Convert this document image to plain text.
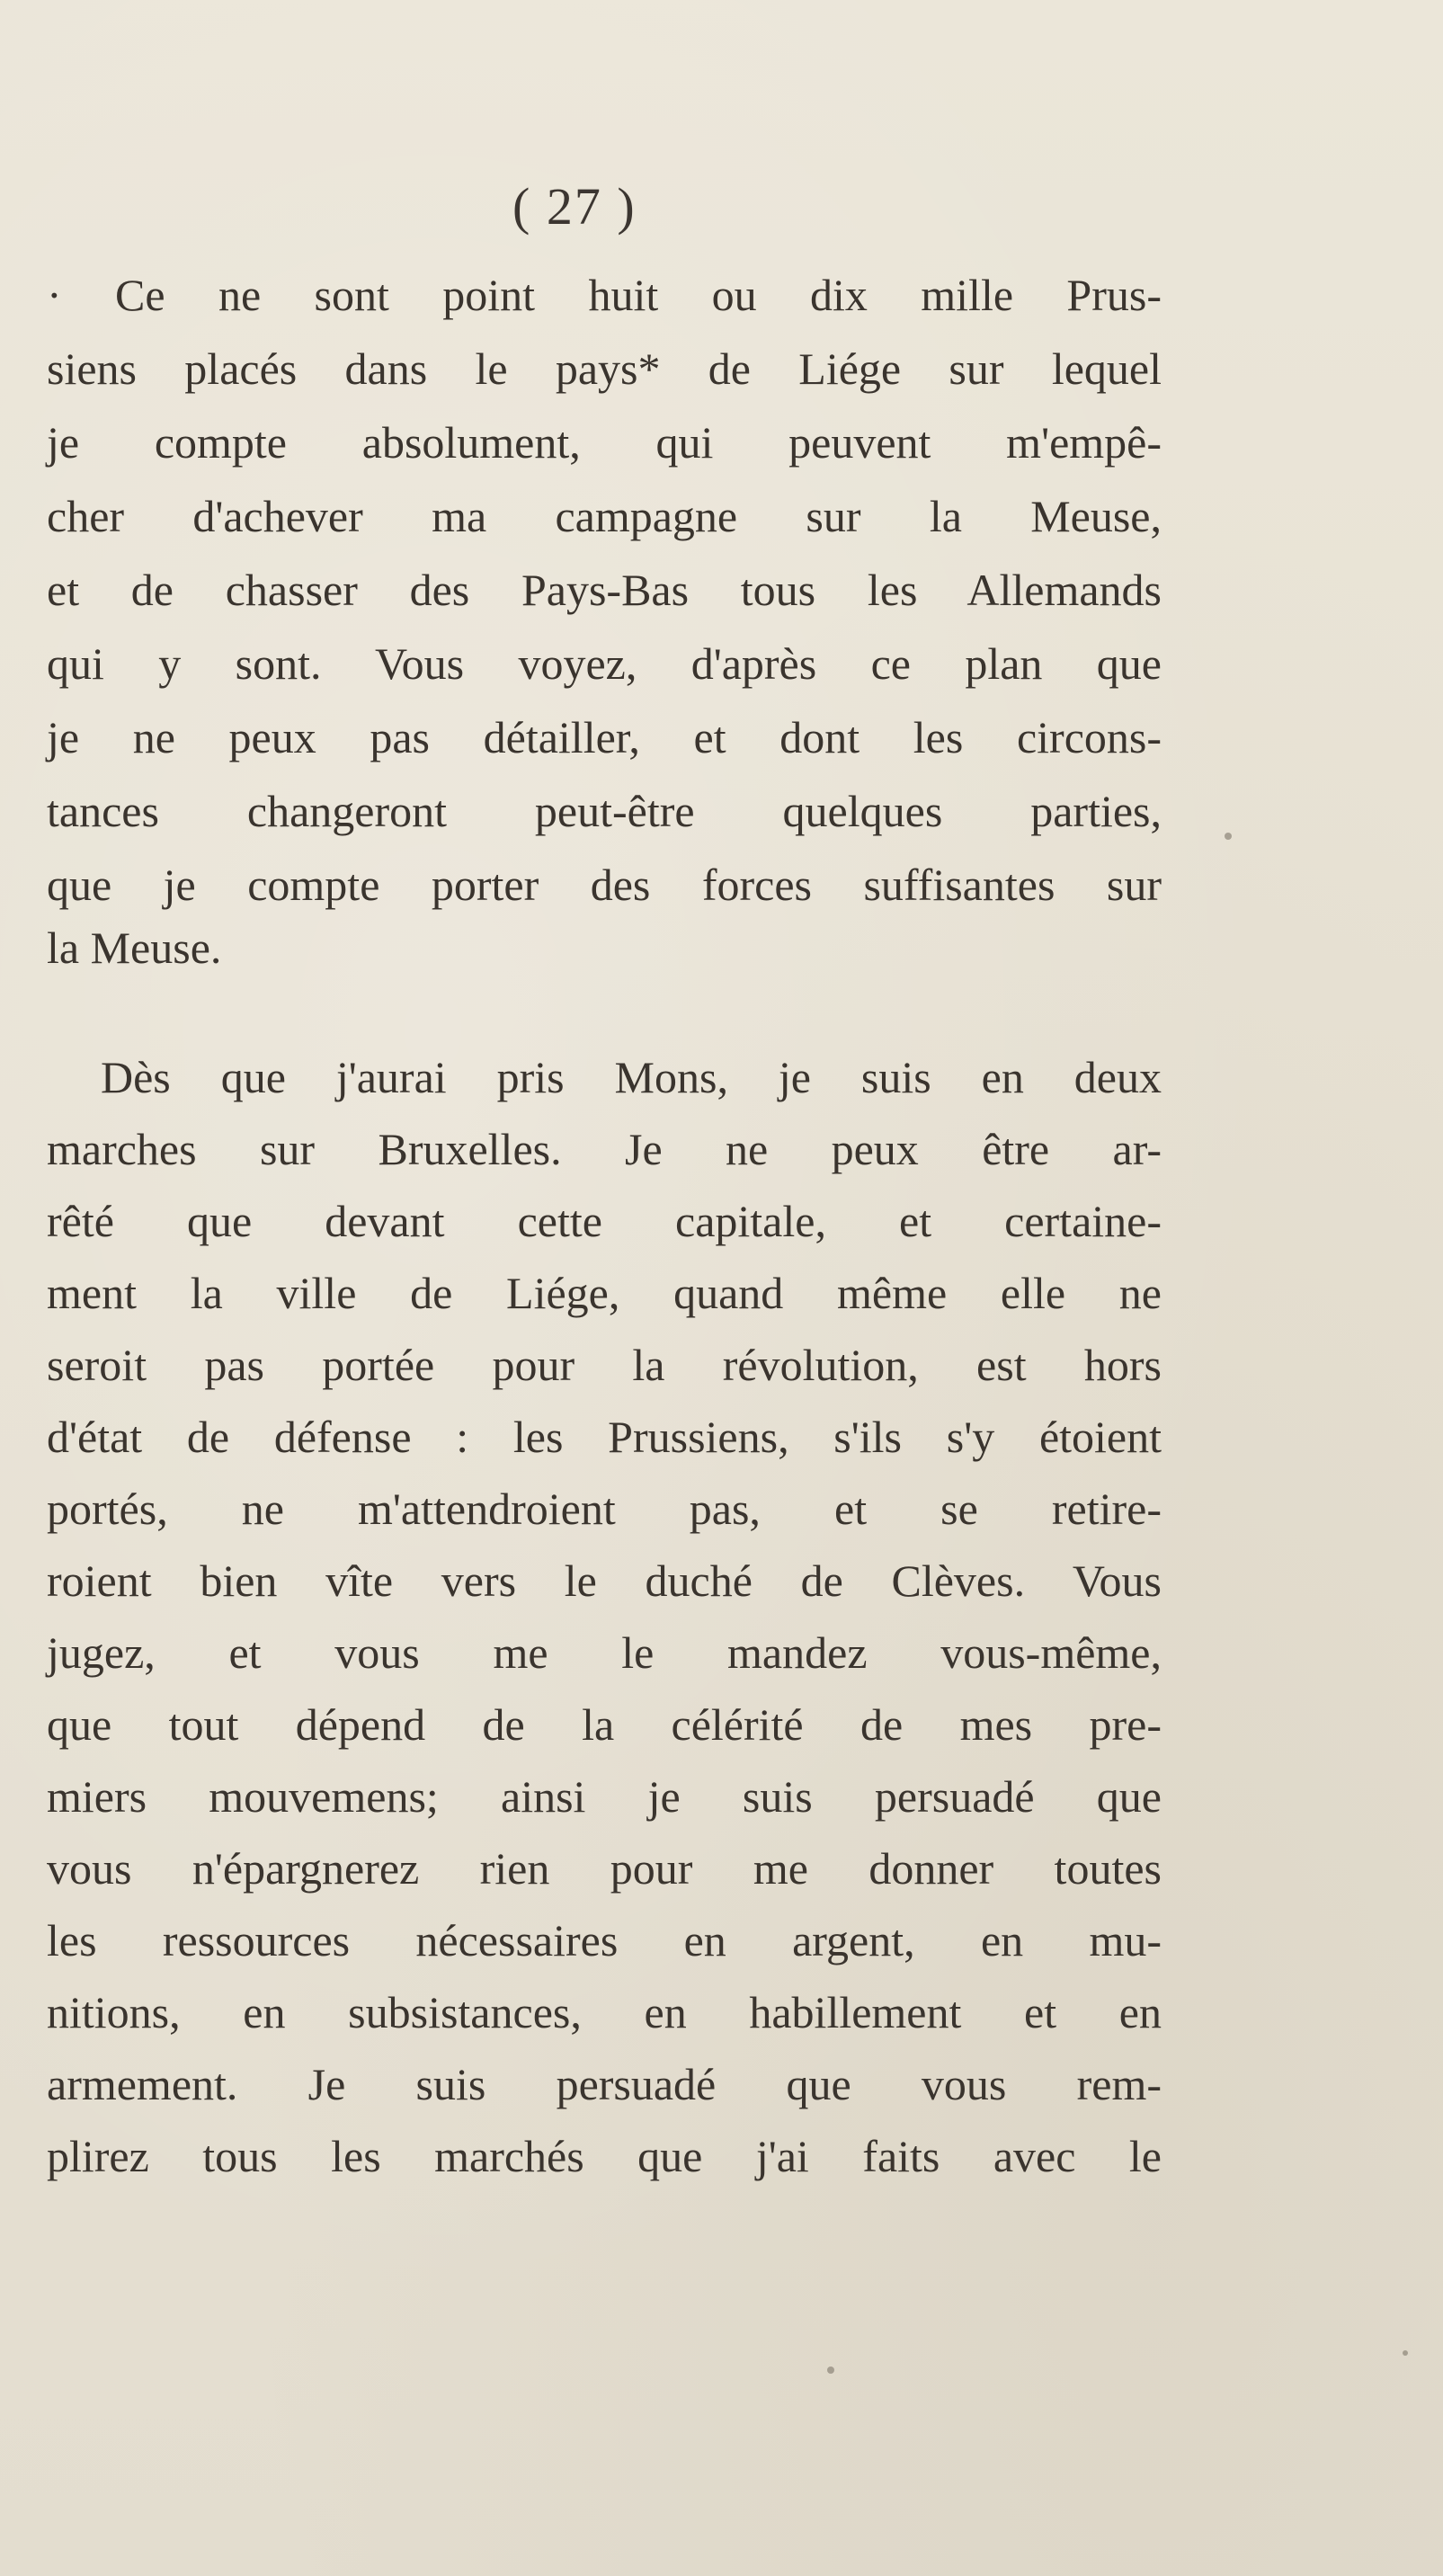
( 27 )
· Ce ne sont point huit ou dix mille Prus-
siens placés dans le pays* de Liége sur lequel
je compte absolument, qui peuvent m'empê-
cher d'achever ma campagne sur la Meuse,
et de chasser des Pays-Bas tous les Allemands
qui y sont. Vous voyez, d'après ce plan que
je ne peux pas détailler, et dont les circons-
tances changeront peut-être quelques parties,
que je compte porter des forces suffisantes sur
la Meuse.
Dès que j'aurai pris Mons, je suis en deux
marches sur Bruxelles. Je ne peux être ar-
rêté que devant cette capitale, et certaine-
ment la ville de Liége, quand même elle ne
seroit pas portée pour la révolution, est hors
d'état de défense : les Prussiens, s'ils s'y étoient
portés, ne m'attendroient pas, et se retire-
roient bien vîte vers le duché de Clèves. Vous
jugez, et vous me le mandez vous-même,
que tout dépend de la célérité de mes pre-
miers mouvemens; ainsi je suis persuadé que
vous n'épargnerez rien pour me donner toutes
les ressources nécessaires en argent, en mu-
nitions, en subsistances, en habillement et en
armement. Je suis persuadé que vous rem-
plirez tous les marchés que j'ai faits avec le
